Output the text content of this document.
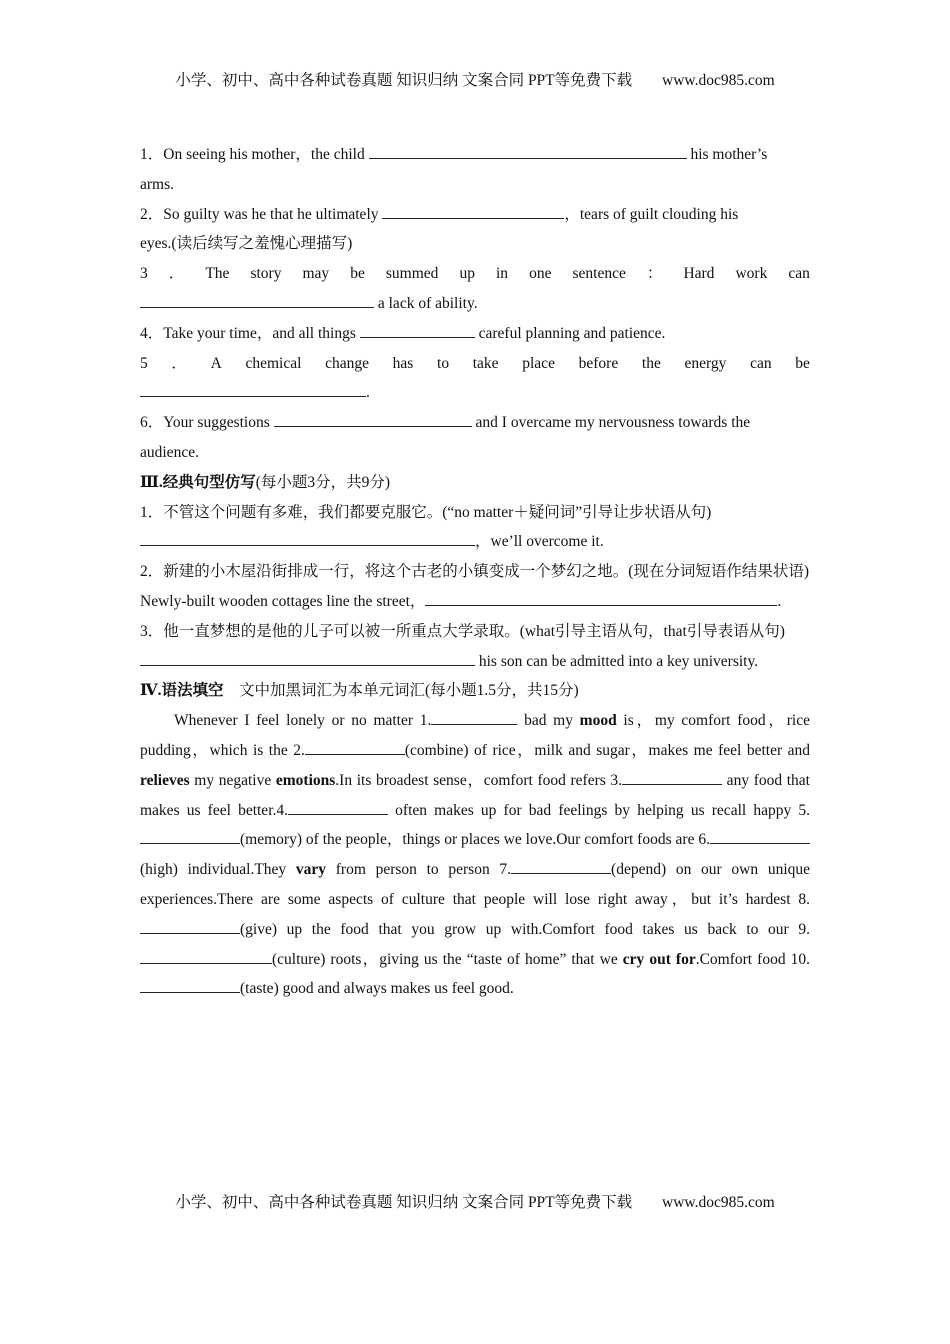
小学、初中、高中各种试卷真题 知识归纳 文案合同 PPT等免费下载 www.doc985.com

1．On seeing his mother，the child	his mother’s
arms.

2．So guilty was he that he ultimately	，tears of guilt clouding his
eyes.(读后续写之羞愧心理描写)

3 ． The story may be summed up in one sentence ： Hard work can

a lack of ability.

4．Take your time，and all things	careful planning and patience.

5 ． A chemical change has to take place before the energy can be

.

6．Your suggestions	and I overcame my nervousness towards the
audience.

Ⅲ.经典句型仿写(每小题3分，共9分)

1．不管这个问题有多难，我们都要克服它。(“no matter＋疑问词”引导让步状语从句)
，we’ll overcome it.

2．新建的小木屋沿街排成一行，将这个古老的小镇变成一个梦幻之地。(现在分词短语作结果状语)
Newly-built wooden cottages line the street，	.

3．他一直梦想的是他的儿子可以被一所重点大学录取。(what引导主语从句，that引导表语从句)
his son can be admitted into a key university.

Ⅳ.语法填空　文中加黑词汇为本单元词汇(每小题1.5分，共15分)

Whenever I feel lonely or no matter 1.	bad my mood is，my comfort food，rice pudding，which is the 2.	(combine) of rice，milk and sugar，makes me feel better and relieves my negative emotions.In its broadest sense，comfort food refers 3.	any food that makes us feel better.4.	often makes up for bad feelings by helping us recall happy 5.(memory) of the people，things or places we love.Our comfort foods are 6.(high) individual.They vary from person to person 7.	(depend) on our own unique experiences.There are some aspects of culture that people will lose right away，but it’s hardest 8.(give) up the food that you grow up with.Comfort food takes us back to our 9.(culture) roots，giving us the “taste of home” that we cry out for.Comfort food 10.(taste) good and always makes us feel good.

小学、初中、高中各种试卷真题 知识归纳 文案合同 PPT等免费下载 www.doc985.com
